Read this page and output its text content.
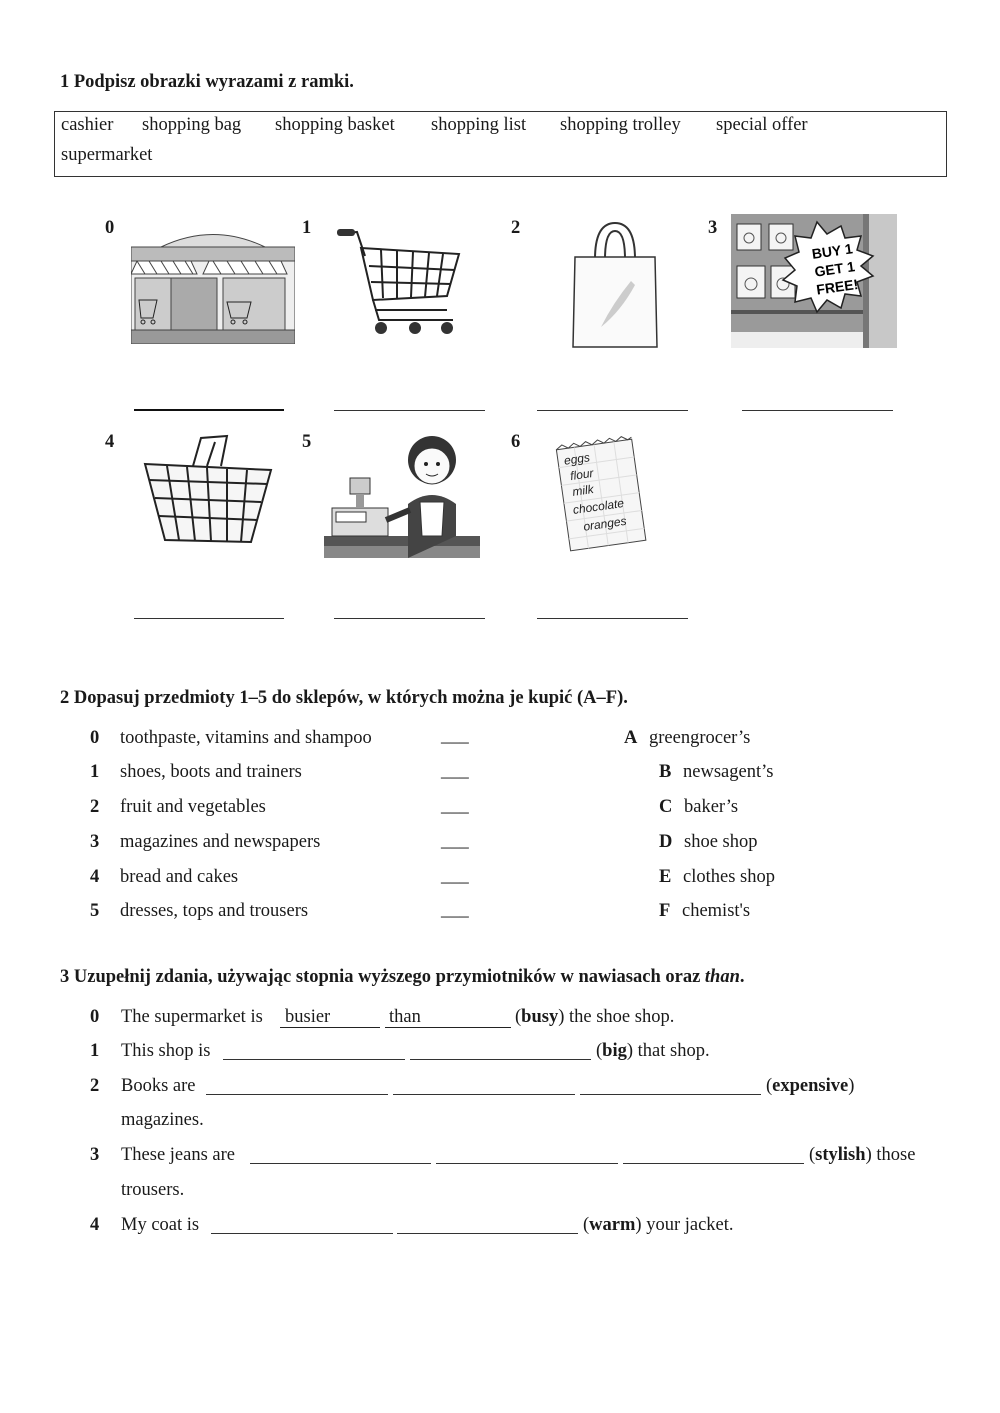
1 Podpisz obrazki wyrazami z ramki.
cashier shopping bag shopping basket shopping list shopping trolley special offer
supermarket
0	1	2	3
4	5	6
BUY 1
GET 1
FREE!
eggs
flour
milk
chocolate
oranges
2 Dopasuj przedmioty 1–5 do sklepów, w których można je kupić (A–F).
0 toothpaste, vitamins and shampoo	___
1 shoes, boots and trainers	___
2 fruit and vegetables	___
3 magazines and newspapers	___
4 bread and cakes	___
5 dresses, tops and trousers	___
A greengrocer’s
B newsagent’s
C baker’s
D shoe shop
E clothes shop
F chemist's
3 Uzupełnij zdania, używając stopnia wyższego przymiotników w nawiasach oraz than.
0 The supermarket is busier	than	(busy) the shoe shop.
1 This shop is	(big) that shop.
2 Books are	(expensive)
magazines.
3 These jeans are	(stylish) those
trousers.
4 My coat is	(warm) your jacket.
